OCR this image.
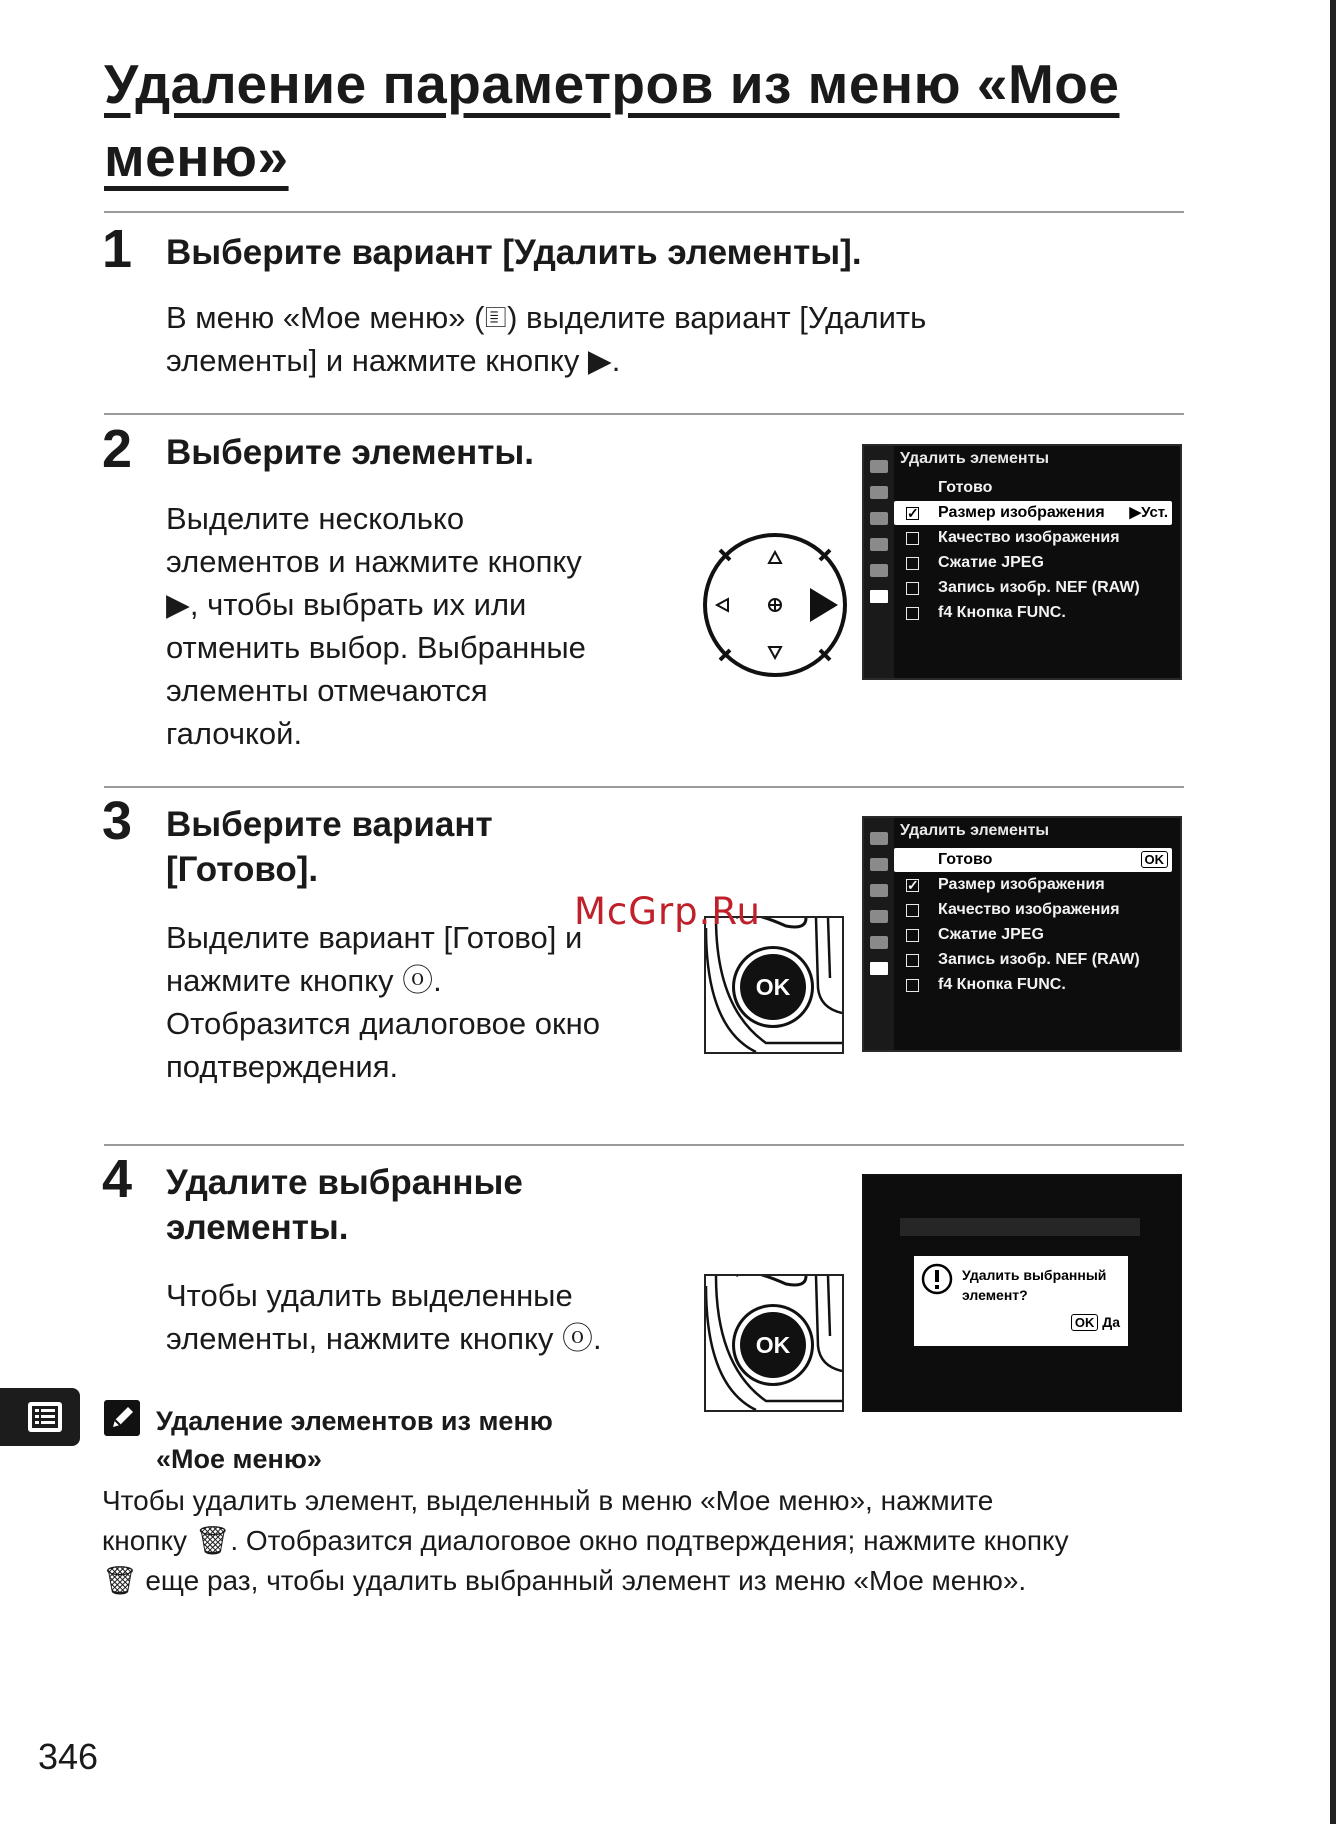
Удаление параметров из меню «Мое
меню»
1 Выберите вариант [Удалить элементы].
В меню «Мое меню» (🗉) выделите вариант [Удалить
элементы] и нажмите кнопку ▶.
2 Выберите элементы.
Выделите несколько
элементов и нажмите кнопку
▶, чтобы выбрать их или
отменить выбор. Выбранные
элементы отмечаются
галочкой.
Удалить элементы
Готово
✓
Размер изображения ▶Уст.
Качество изображения
Сжатие JPEG
Запись изобр. NEF (RAW)
f4 Кнопка FUNC.
3 Выберите вариант
[Готово].
Выделите вариант [Готово] и
нажмите кнопку ⓞ.
Отобразится диалоговое окно
подтверждения.
OK
Удалить элементы
Готово	OK
✓
Размер изображения
Качество изображения
Сжатие JPEG
Запись изобр. NEF (RAW)
f4 Кнопка FUNC.
McGrp.Ru
4 Удалите выбранные
элементы.
Чтобы удалить выделенные
элементы, нажмите кнопку ⓞ.	OK
Удалить выбранный
элемент?
OK Да
Удаление элементов из меню
«Мое меню»
Чтобы удалить элемент, выделенный в меню «Мое меню», нажмите
кнопку 🗑. Отобразится диалоговое окно подтверждения; нажмите кнопку
🗑 еще раз, чтобы удалить выбранный элемент из меню «Мое меню».
346
